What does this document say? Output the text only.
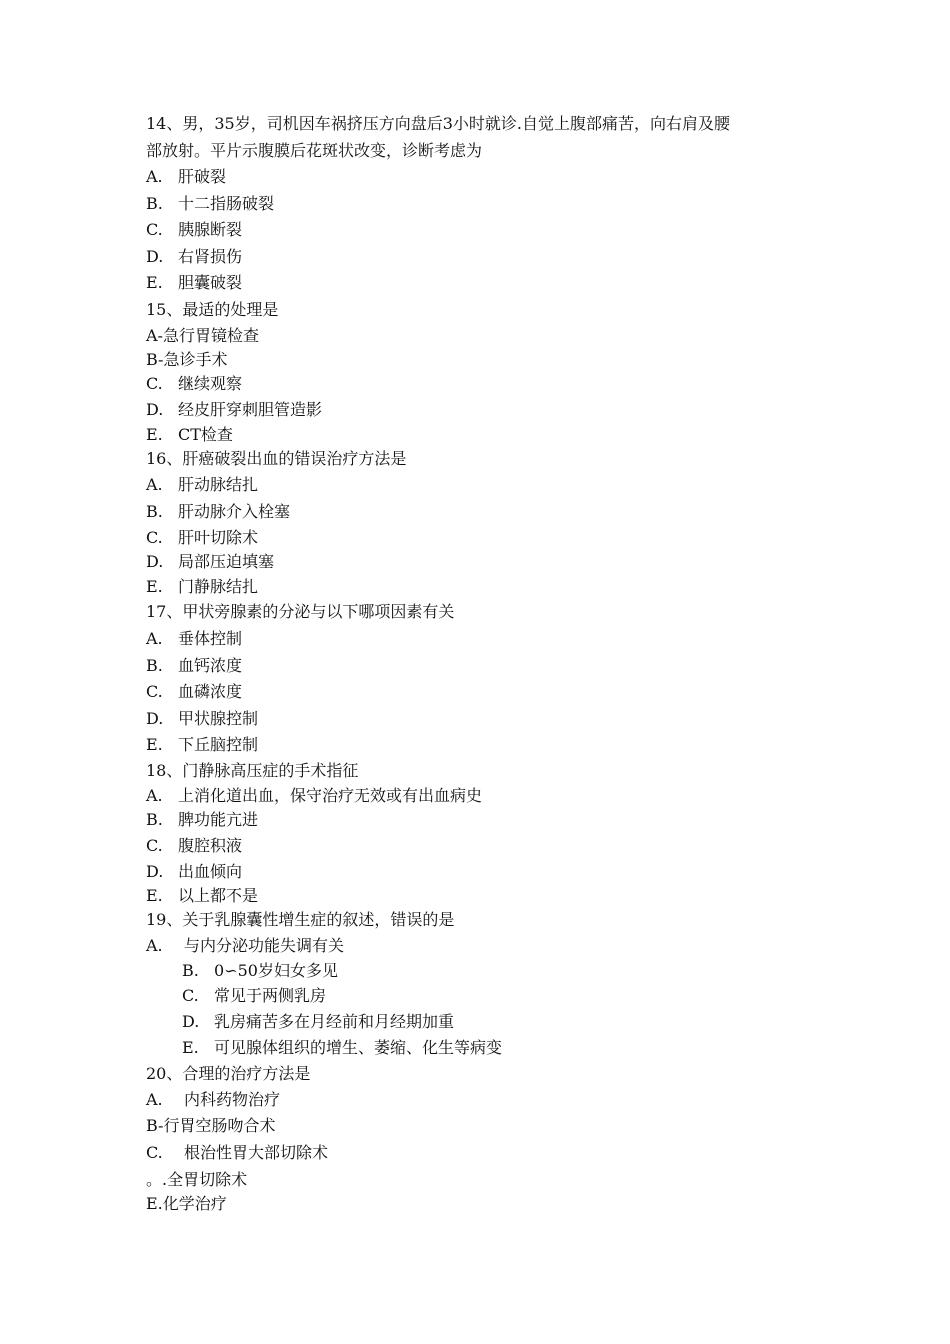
14、男，35岁，司机因车祸挤压方向盘后3小时就诊.自觉上腹部痛苦，向右肩及腰
部放射。平片示腹膜后花斑状改变，诊断考虑为
A. 肝破裂
B. 十二指肠破裂
C. 胰腺断裂
D. 右肾损伤
E. 胆囊破裂
15、最适的处理是
A-急行胃镜检查
B-急诊手术
C. 继续观察
D. 经皮肝穿刺胆管造影
E. CT检查
16、肝癌破裂出血的错误治疗方法是
A. 肝动脉结扎
B. 肝动脉介入栓塞
C. 肝叶切除术
D. 局部压迫填塞
E. 门静脉结扎
17、甲状旁腺素的分泌与以下哪项因素有关
A. 垂体控制
B. 血钙浓度
C. 血磷浓度
D. 甲状腺控制
E. 下丘脑控制
18、门静脉高压症的手术指征
A. 上消化道出血，保守治疗无效或有出血病史
B. 脾功能亢进
C. 腹腔积液
D. 出血倾向
E. 以上都不是
19、关于乳腺囊性增生症的叙述，错误的是
A. 与内分泌功能失调有关
B. 0∽50岁妇女多见
C. 常见于两侧乳房
D. 乳房痛苦多在月经前和月经期加重
E. 可见腺体组织的增生、萎缩、化生等病变
20、合理的治疗方法是
A. 内科药物治疗
B-行胃空肠吻合术
C. 根治性胃大部切除术
。.全胃切除术
E.化学治疗
